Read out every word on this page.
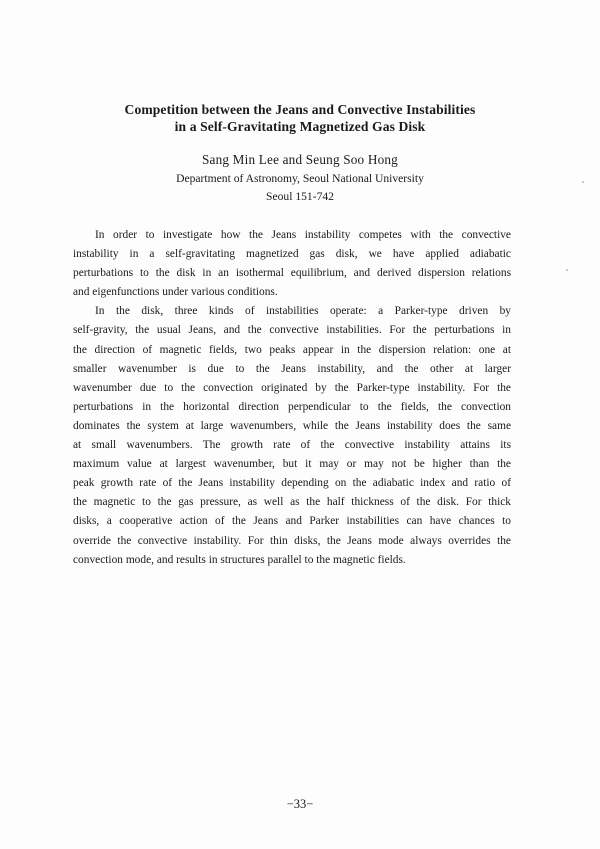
Competition between the Jeans and Convective Instabilities
in a Self-Gravitating Magnetized Gas Disk
Sang Min Lee and Seung Soo Hong
Department of Astronomy, Seoul National University
Seoul 151-742
In order to investigate how the Jeans instability competes with the convective
instability in a self-gravitating magnetized gas disk, we have applied adiabatic
perturbations to the disk in an isothermal equilibrium, and derived dispersion relations
and eigenfunctions under various conditions.
In the disk, three kinds of instabilities operate: a Parker-type driven by
self-gravity, the usual Jeans, and the convective instabilities. For the perturbations in
the direction of magnetic fields, two peaks appear in the dispersion relation: one at
smaller wavenumber is due to the Jeans instability, and the other at larger
wavenumber due to the convection originated by the Parker-type instability. For the
perturbations in the horizontal direction perpendicular to the fields, the convection
dominates the system at large wavenumbers, while the Jeans instability does the same
at small wavenumbers. The growth rate of the convective instability attains its
maximum value at largest wavenumber, but it may or may not be higher than the
peak growth rate of the Jeans instability depending on the adiabatic index and ratio of
the magnetic to the gas pressure, as well as the half thickness of the disk. For thick
disks, a cooperative action of the Jeans and Parker instabilities can have chances to
override the convective instability. For thin disks, the Jeans mode always overrides the
convection mode, and results in structures parallel to the magnetic fields.
−33−
